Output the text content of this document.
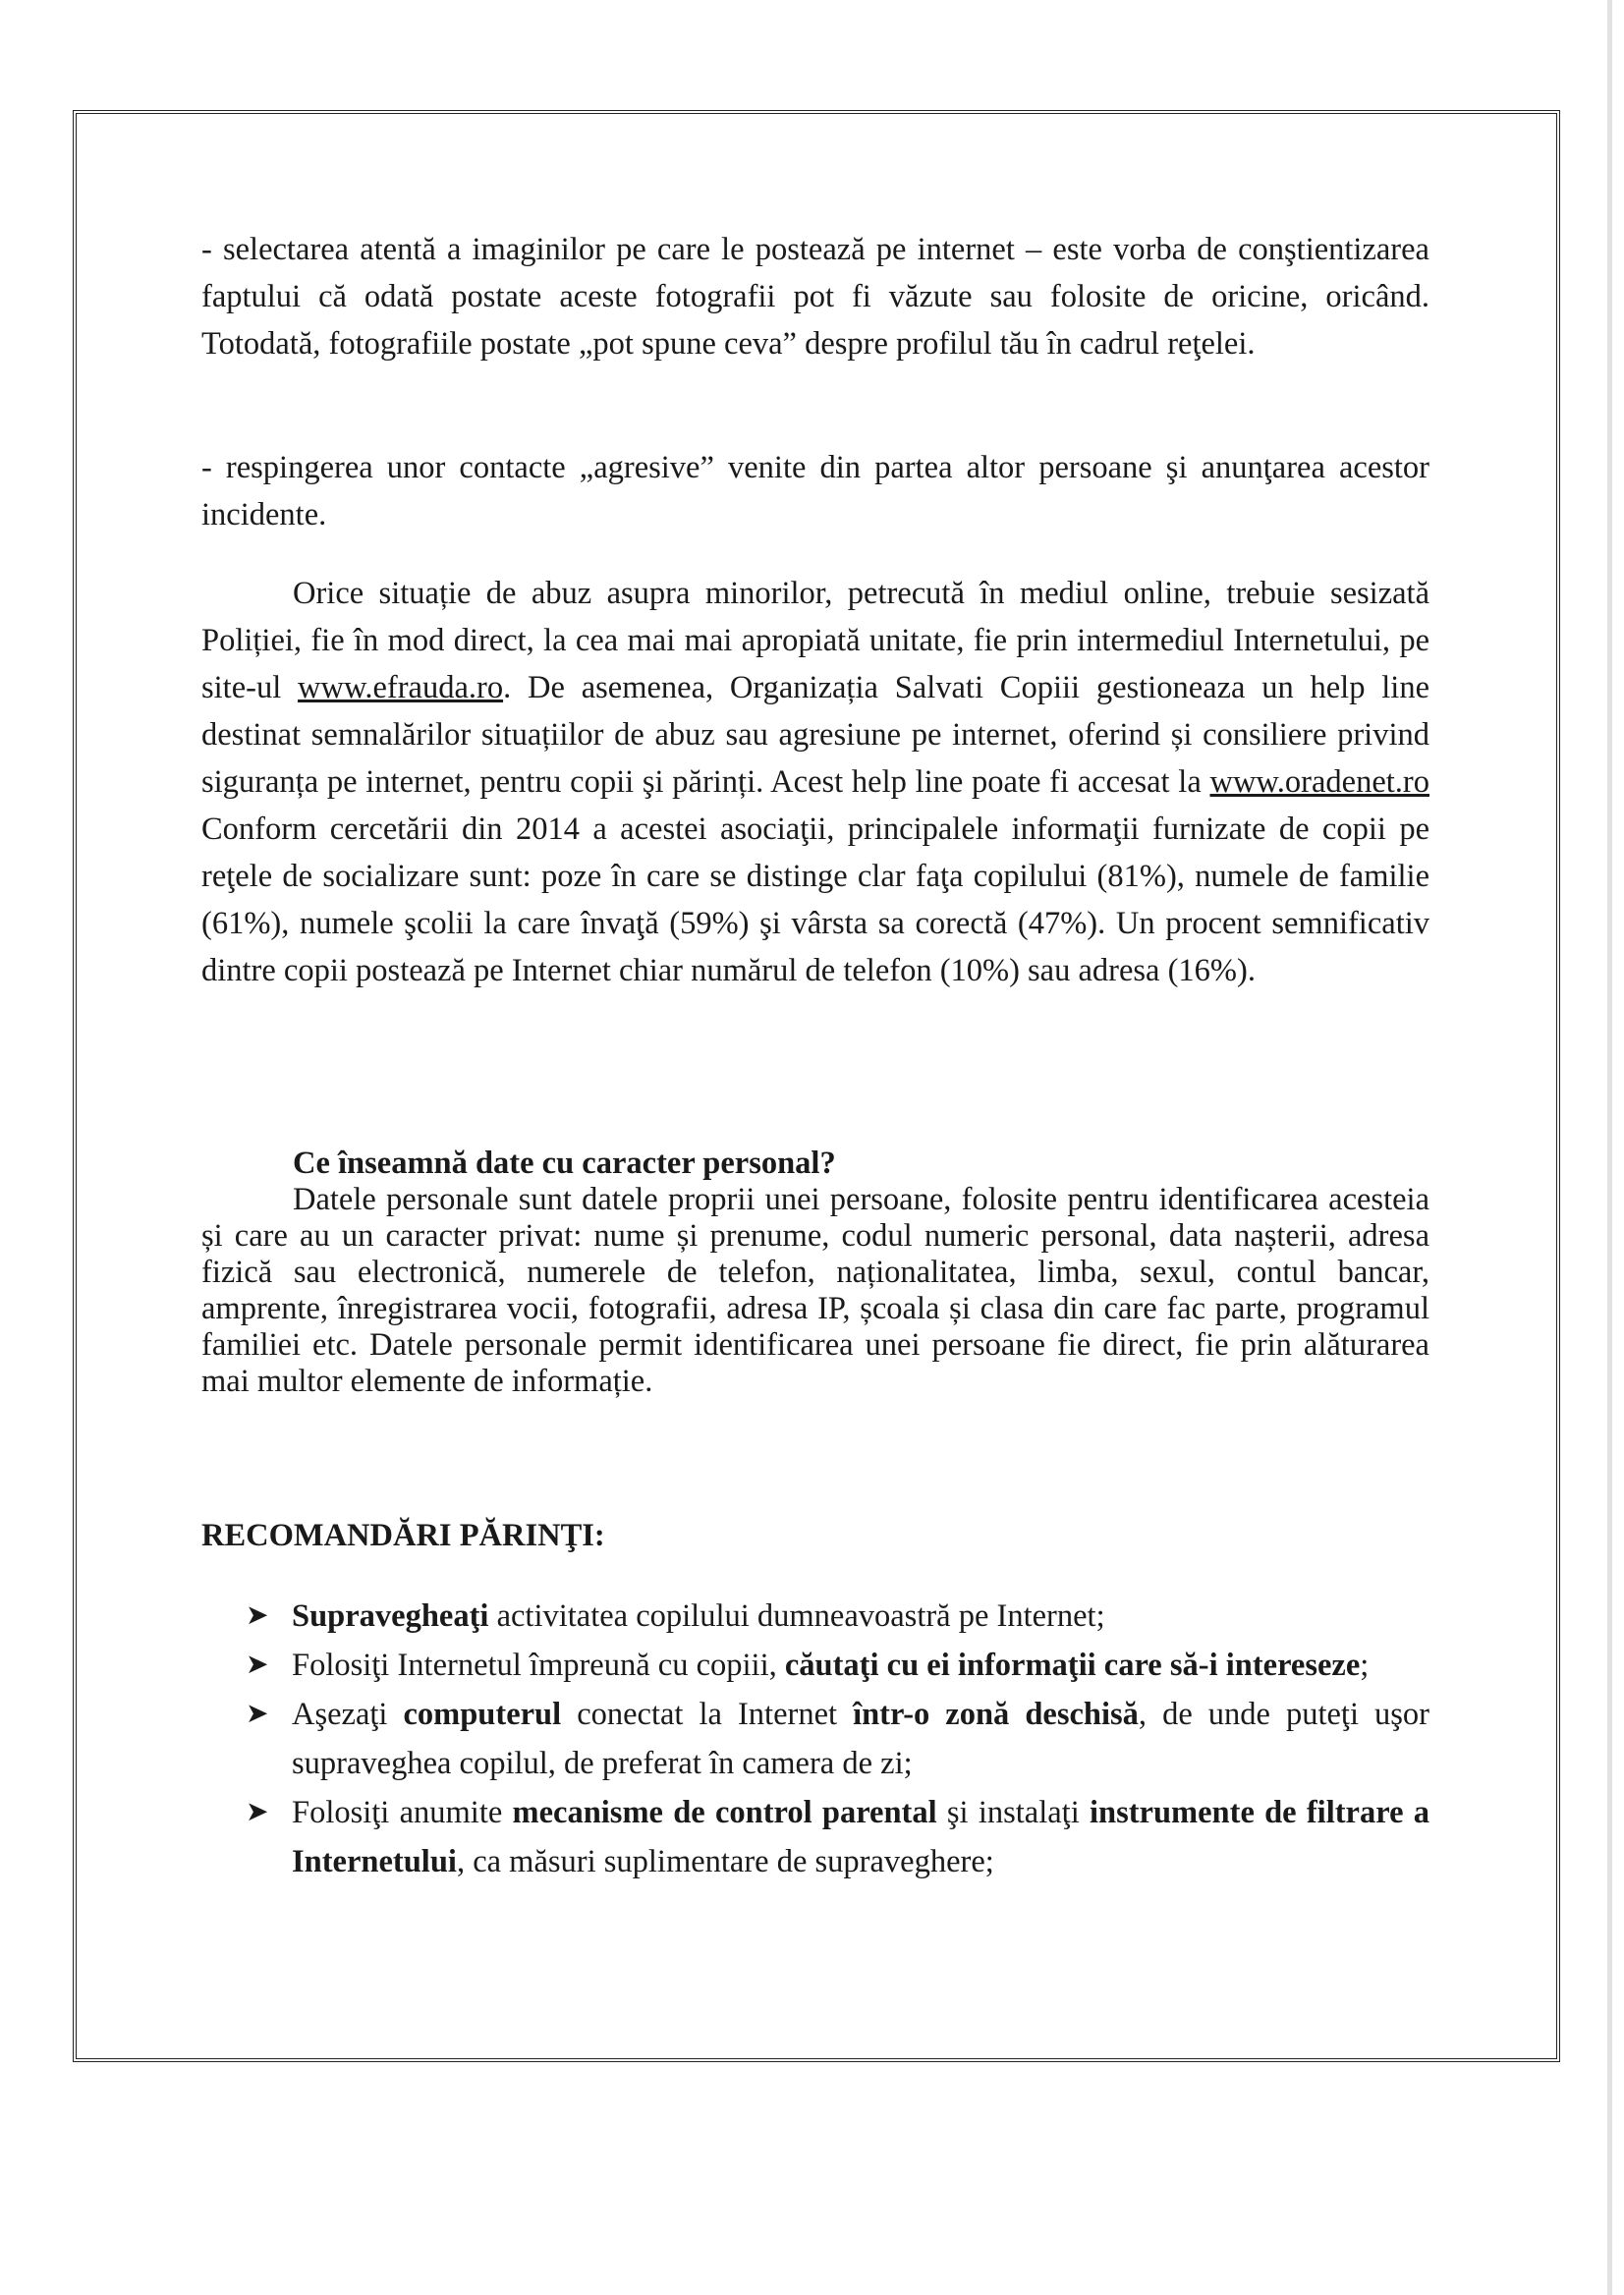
- selectarea atentă a imaginilor pe care le postează pe internet – este vorba de conştientizarea faptului că odată postate aceste fotografii pot fi văzute sau folosite de oricine, oricând. Totodată, fotografiile postate „pot spune ceva” despre profilul tău în cadrul reţelei.

- respingerea unor contacte „agresive” venite din partea altor persoane şi anunţarea acestor incidente.

Orice situație de abuz asupra minorilor, petrecută în mediul online, trebuie sesizată Poliției, fie în mod direct, la cea mai mai apropiată unitate, fie prin intermediul Internetului, pe site-ul www.efrauda.ro. De asemenea, Organizația Salvati Copiii gestioneaza un help line destinat semnalărilor situațiilor de abuz sau agresiune pe internet, oferind și consiliere privind siguranța pe internet, pentru copii şi părinți. Acest help line poate fi accesat la www.oradenet.ro Conform cercetării din 2014 a acestei asociaţii, principalele informaţii furnizate de copii pe reţele de socializare sunt: poze în care se distinge clar faţa copilului (81%), numele de familie (61%), numele şcolii la care învaţă (59%) şi vârsta sa corectă (47%). Un procent semnificativ dintre copii postează pe Internet chiar numărul de telefon (10%) sau adresa (16%).

Ce înseamnă date cu caracter personal?

Datele personale sunt datele proprii unei persoane, folosite pentru identificarea acesteia și care au un caracter privat: nume și prenume, codul numeric personal, data nașterii, adresa fizică sau electronică, numerele de telefon, naționalitatea, limba, sexul, contul bancar, amprente, înregistrarea vocii, fotografii, adresa IP, școala și clasa din care fac parte, programul familiei etc. Datele personale permit identificarea unei persoane fie direct, fie prin alăturarea mai multor elemente de informație.

RECOMANDĂRI PĂRINŢI:
➤ Supravegheaţi activitatea copilului dumneavoastră pe Internet;
➤ Folosiţi Internetul împreună cu copiii, căutaţi cu ei informaţii care să-i intereseze;
➤ Aşezaţi computerul conectat la Internet într-o zonă deschisă, de unde puteţi uşor supraveghea copilul, de preferat în camera de zi;
➤ Folosiţi anumite mecanisme de control parental şi instalaţi instrumente de filtrare a Internetului, ca măsuri suplimentare de supraveghere;
